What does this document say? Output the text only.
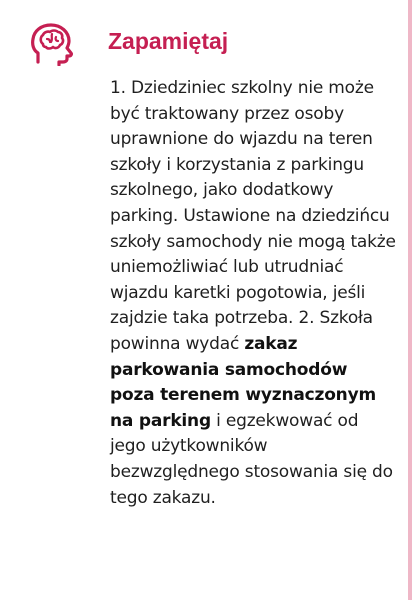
Zapamiętaj

1. Dziedziniec szkolny nie może być traktowany przez osoby uprawnione do wjazdu na teren szkoły i korzystania z parkingu szkolnego, jako dodatkowy parking. Ustawione na dziedzińcu szkoły samochody nie mogą także uniemożliwiać lub utrudniać wjazdu karetki pogotowia, jeśli zajdzie taka potrzeba. 2. Szkoła powinna wydać zakaz parkowania samochodów poza terenem wyznaczonym na parking i egzekwować od jego użytkowników bezwzględnego stosowania się do tego zakazu.
